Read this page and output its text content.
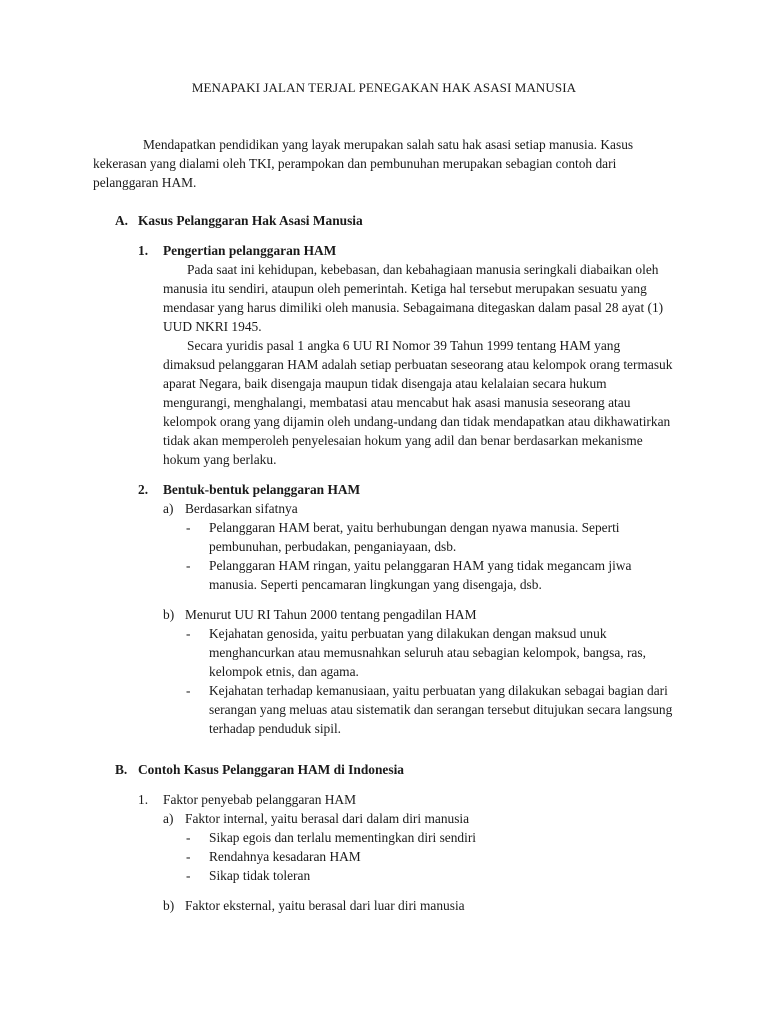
MENAPAKI JALAN TERJAL PENEGAKAN HAK ASASI MANUSIA

Mendapatkan pendidikan yang layak merupakan salah satu hak asasi setiap manusia. Kasus kekerasan yang dialami oleh TKI, perampokan dan pembunuhan merupakan sebagian contoh dari pelanggaran HAM.

A. Kasus Pelanggaran Hak Asasi Manusia
1. Pengertian pelanggaran HAM

Pada saat ini kehidupan, kebebasan, dan kebahagiaan manusia seringkali diabaikan oleh manusia itu sendiri, ataupun oleh pemerintah. Ketiga hal tersebut merupakan sesuatu yang mendasar yang harus dimiliki oleh manusia. Sebagaimana ditegaskan dalam pasal 28 ayat (1) UUD NKRI 1945.

Secara yuridis pasal 1 angka 6 UU RI Nomor 39 Tahun 1999 tentang HAM yang dimaksud pelanggaran HAM adalah setiap perbuatan seseorang atau kelompok orang termasuk aparat Negara, baik disengaja maupun tidak disengaja atau kelalaian secara hukum mengurangi, menghalangi, membatasi atau mencabut hak asasi manusia seseorang atau kelompok orang yang dijamin oleh undang-undang dan tidak mendapatkan atau dikhawatirkan tidak akan memperoleh penyelesaian hokum yang adil dan benar berdasarkan mekanisme hokum yang berlaku.

2. Bentuk-bentuk pelanggaran HAM
a) Berdasarkan sifatnya
- Pelanggaran HAM berat, yaitu berhubungan dengan nyawa manusia. Seperti pembunuhan, perbudakan, penganiayaan, dsb.
- Pelanggaran HAM ringan, yaitu pelanggaran HAM yang tidak megancam jiwa manusia. Seperti pencamaran lingkungan yang disengaja, dsb.
b) Menurut UU RI Tahun 2000 tentang pengadilan HAM
- Kejahatan genosida, yaitu perbuatan yang dilakukan dengan maksud unuk menghancurkan atau memusnahkan seluruh atau sebagian kelompok, bangsa, ras, kelompok etnis, dan agama.
- Kejahatan terhadap kemanusiaan, yaitu perbuatan yang dilakukan sebagai bagian dari serangan yang meluas atau sistematik dan serangan tersebut ditujukan secara langsung terhadap penduduk sipil.
B. Contoh Kasus Pelanggaran HAM di Indonesia
1. Faktor penyebab pelanggaran HAM
a) Faktor internal, yaitu berasal dari dalam diri manusia
- Sikap egois dan terlalu mementingkan diri sendiri
- Rendahnya kesadaran HAM
- Sikap tidak toleran
b) Faktor eksternal, yaitu berasal dari luar diri manusia
